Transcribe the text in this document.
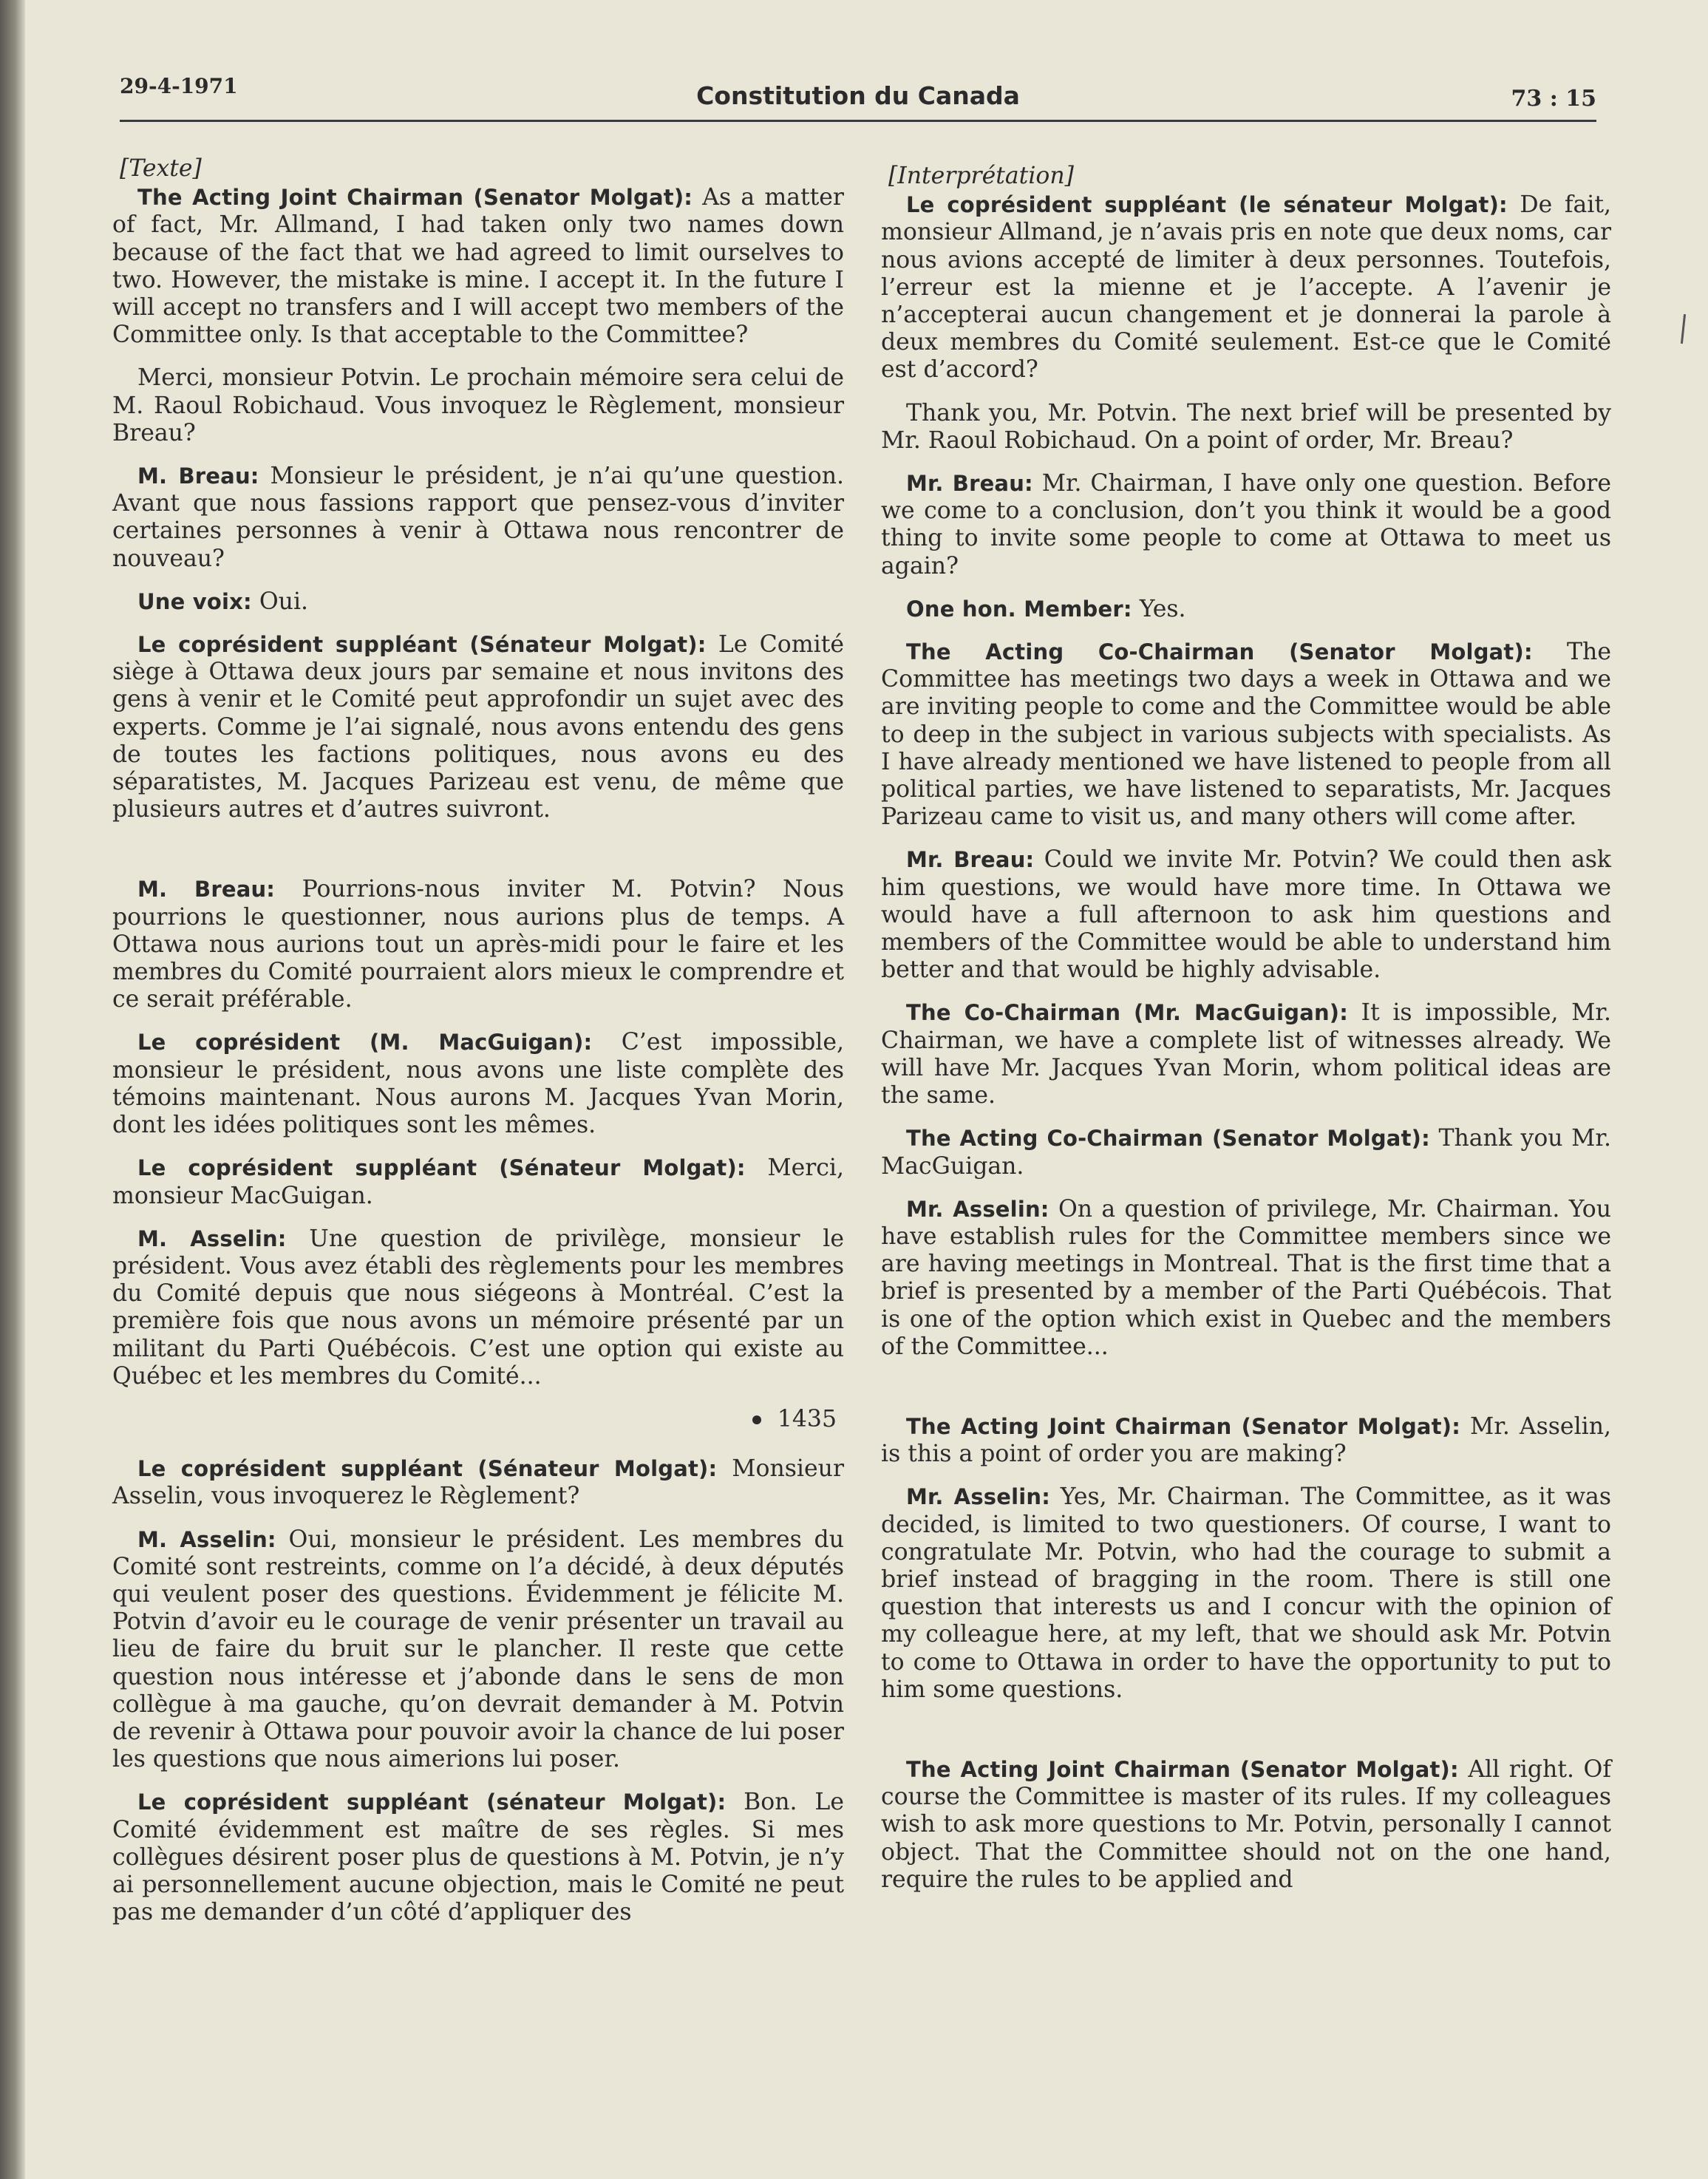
29-4-1971	Constitution du Canada	73 : 15

[Texte]

The Acting Joint Chairman (Senator Molgat): As a matter of fact, Mr. Allmand, I had taken only two names down because of the fact that we had agreed to limit ourselves to two. However, the mistake is mine. I accept it. In the future I will accept no transfers and I will accept two members of the Committee only. Is that acceptable to the Committee?

Merci, monsieur Potvin. Le prochain mémoire sera celui de M. Raoul Robichaud. Vous invoquez le Règlement, monsieur Breau?

M. Breau: Monsieur le président, je n’ai qu’une question. Avant que nous fassions rapport que pensez-vous d’inviter certaines personnes à venir à Ottawa nous rencontrer de nouveau?

Une voix: Oui.

Le coprésident suppléant (Sénateur Molgat): Le Comité siège à Ottawa deux jours par semaine et nous invitons des gens à venir et le Comité peut approfondir un sujet avec des experts. Comme je l’ai signalé, nous avons entendu des gens de toutes les factions politiques, nous avons eu des séparatistes, M. Jacques Parizeau est venu, de même que plusieurs autres et d’autres suivront.

M. Breau: Pourrions-nous inviter M. Potvin? Nous pourrions le questionner, nous aurions plus de temps. A Ottawa nous aurions tout un après-midi pour le faire et les membres du Comité pourraient alors mieux le comprendre et ce serait préférable.

Le coprésident (M. MacGuigan): C’est impossible, monsieur le président, nous avons une liste complète des témoins maintenant. Nous aurons M. Jacques Yvan Morin, dont les idées politiques sont les mêmes.

Le coprésident suppléant (Sénateur Molgat): Merci, monsieur MacGuigan.

M. Asselin: Une question de privilège, monsieur le président. Vous avez établi des règlements pour les membres du Comité depuis que nous siégeons à Montréal. C’est la première fois que nous avons un mémoire présenté par un militant du Parti Québécois. C’est une option qui existe au Québec et les membres du Comité...

1435

Le coprésident suppléant (Sénateur Molgat): Monsieur Asselin, vous invoquerez le Règlement?

M. Asselin: Oui, monsieur le président. Les membres du Comité sont restreints, comme on l’a décidé, à deux députés qui veulent poser des questions. Évidemment je félicite M. Potvin d’avoir eu le courage de venir présenter un travail au lieu de faire du bruit sur le plancher. Il reste que cette question nous intéresse et j’abonde dans le sens de mon collègue à ma gauche, qu’on devrait demander à M. Potvin de revenir à Ottawa pour pouvoir avoir la chance de lui poser les questions que nous aimerions lui poser.

Le coprésident suppléant (sénateur Molgat): Bon. Le Comité évidemment est maître de ses règles. Si mes collègues désirent poser plus de questions à M. Potvin, je n’y ai personnellement aucune objection, mais le Comité ne peut pas me demander d’un côté d’appliquer des

[Interprétation]

Le coprésident suppléant (le sénateur Molgat): De fait, monsieur Allmand, je n’avais pris en note que deux noms, car nous avions accepté de limiter à deux personnes. Toutefois, l’erreur est la mienne et je l’accepte. A l’avenir je n’accepterai aucun changement et je donnerai la parole à deux membres du Comité seulement. Est-ce que le Comité est d’accord?

Thank you, Mr. Potvin. The next brief will be presented by Mr. Raoul Robichaud. On a point of order, Mr. Breau?

Mr. Breau: Mr. Chairman, I have only one question. Before we come to a conclusion, don’t you think it would be a good thing to invite some people to come at Ottawa to meet us again?

One hon. Member: Yes.

The Acting Co-Chairman (Senator Molgat): The Committee has meetings two days a week in Ottawa and we are inviting people to come and the Committee would be able to deep in the subject in various subjects with specialists. As I have already mentioned we have listened to people from all political parties, we have listened to separatists, Mr. Jacques Parizeau came to visit us, and many others will come after.

Mr. Breau: Could we invite Mr. Potvin? We could then ask him questions, we would have more time. In Ottawa we would have a full afternoon to ask him questions and members of the Committee would be able to understand him better and that would be highly advisable.

The Co-Chairman (Mr. MacGuigan): It is impossible, Mr. Chairman, we have a complete list of witnesses already. We will have Mr. Jacques Yvan Morin, whom political ideas are the same.

The Acting Co-Chairman (Senator Molgat): Thank you Mr. MacGuigan.

Mr. Asselin: On a question of privilege, Mr. Chairman. You have establish rules for the Committee members since we are having meetings in Montreal. That is the first time that a brief is presented by a member of the Parti Québécois. That is one of the option which exist in Quebec and the members of the Committee...

The Acting Joint Chairman (Senator Molgat): Mr. Asselin, is this a point of order you are making?

Mr. Asselin: Yes, Mr. Chairman. The Committee, as it was decided, is limited to two questioners. Of course, I want to congratulate Mr. Potvin, who had the courage to submit a brief instead of bragging in the room. There is still one question that interests us and I concur with the opinion of my colleague here, at my left, that we should ask Mr. Potvin to come to Ottawa in order to have the opportunity to put to him some questions.

The Acting Joint Chairman (Senator Molgat): All right. Of course the Committee is master of its rules. If my colleagues wish to ask more questions to Mr. Potvin, personally I cannot object. That the Committee should not on the one hand, require the rules to be applied and
